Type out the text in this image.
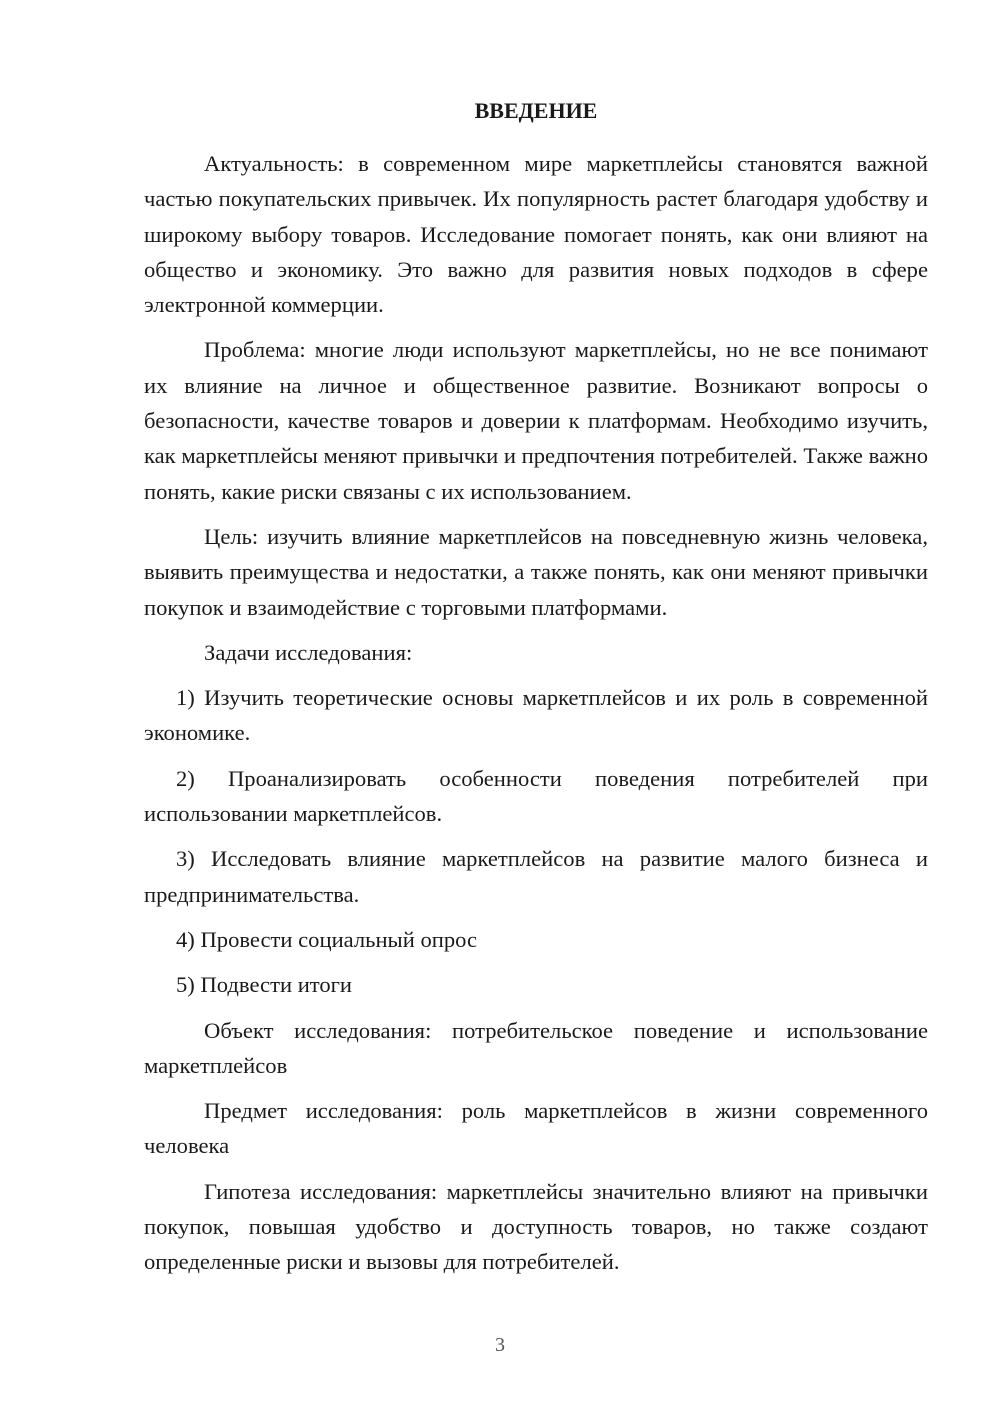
ВВЕДЕНИЕ
Актуальность: в современном мире маркетплейсы становятся важной частью покупательских привычек. Их популярность растет благодаря удобству и широкому выбору товаров. Исследование помогает понять, как они влияют на общество и экономику. Это важно для развития новых подходов в сфере электронной коммерции.
Проблема: многие люди используют маркетплейсы, но не все понимают их влияние на личное и общественное развитие. Возникают вопросы о безопасности, качестве товаров и доверии к платформам. Необходимо изучить, как маркетплейсы меняют привычки и предпочтения потребителей. Также важно понять, какие риски связаны с их использованием.
Цель: изучить влияние маркетплейсов на повседневную жизнь человека, выявить преимущества и недостатки, а также понять, как они меняют привычки покупок и взаимодействие с торговыми платформами.
Задачи исследования:
1) Изучить теоретические основы маркетплейсов и их роль в современной экономике.
2) Проанализировать особенности поведения потребителей при использовании маркетплейсов.
3) Исследовать влияние маркетплейсов на развитие малого бизнеса и предпринимательства.
4) Провести социальный опрос
5) Подвести итоги
Объект исследования: потребительское поведение и использование маркетплейсов
Предмет исследования: роль маркетплейсов в жизни современного человека
Гипотеза исследования: маркетплейсы значительно влияют на привычки покупок, повышая удобство и доступность товаров, но также создают определенные риски и вызовы для потребителей.
3
